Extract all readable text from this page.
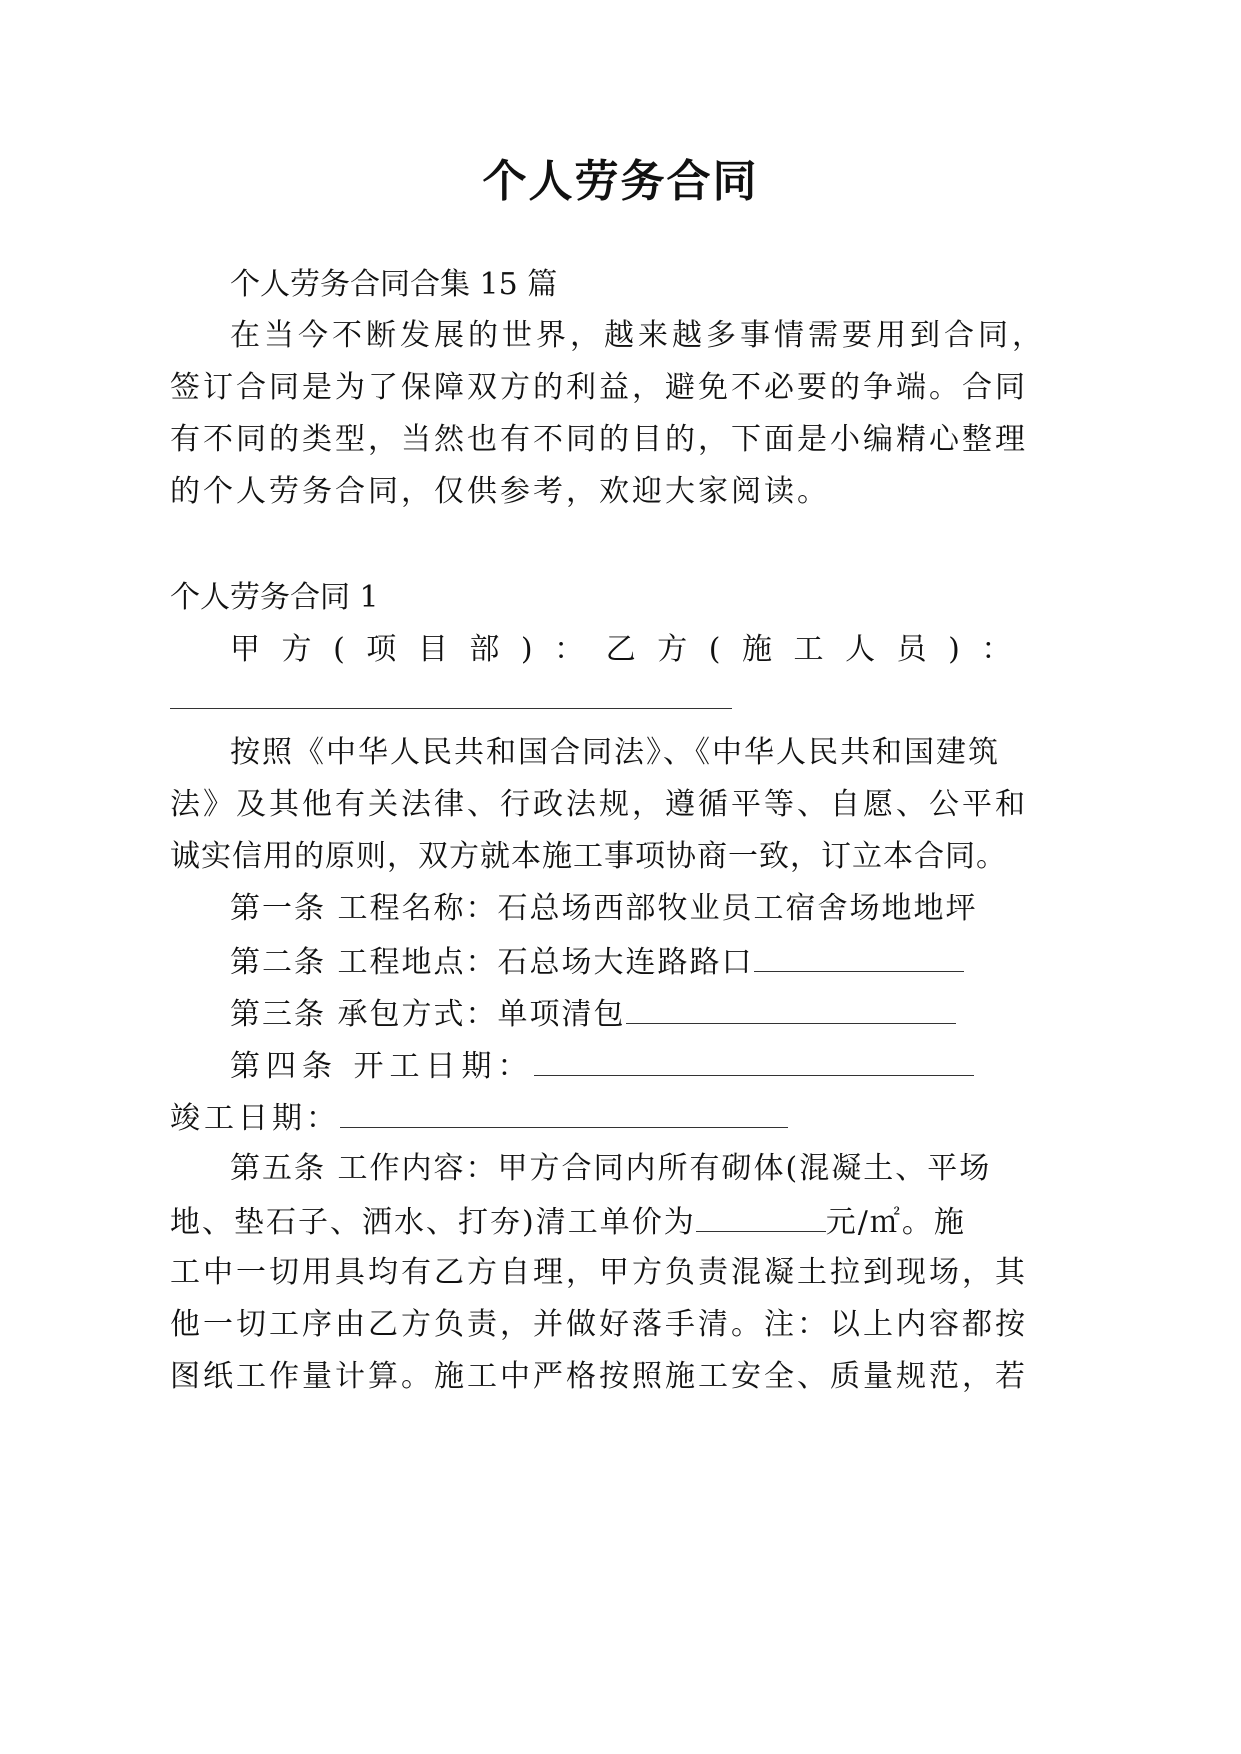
个人劳务合同
个人劳务合同合集 15 篇
在当今不断发展的世界，越来越多事情需要用到合同，
签订合同是为了保障双方的利益，避免不必要的争端。合同
有不同的类型，当然也有不同的目的，下面是小编精心整理
的个人劳务合同，仅供参考，欢迎大家阅读。
个人劳务合同 1
甲 方 ( 项 目 部 ) ： 乙 方 ( 施 工 人 员 ) ：
按照《中华人民共和国合同法》、《中华人民共和国建筑
法》及其他有关法律、行政法规，遵循平等、自愿、公平和
诚实信用的原则，双方就本施工事项协商一致，订立本合同。
第一条 工程名称：石总场西部牧业员工宿舍场地地坪
第二条 工程地点：石总场大连路路口
第三条 承包方式：单项清包
第四条 开工日期：
竣工日期：
第五条 工作内容：甲方合同内所有砌体(混凝土、平场
地、垫石子、洒水、打夯)清工单价为	元/㎡。施
工中一切用具均有乙方自理，甲方负责混凝土拉到现场，其
他一切工序由乙方负责，并做好落手清。注：以上内容都按
图纸工作量计算。施工中严格按照施工安全、质量规范，若
